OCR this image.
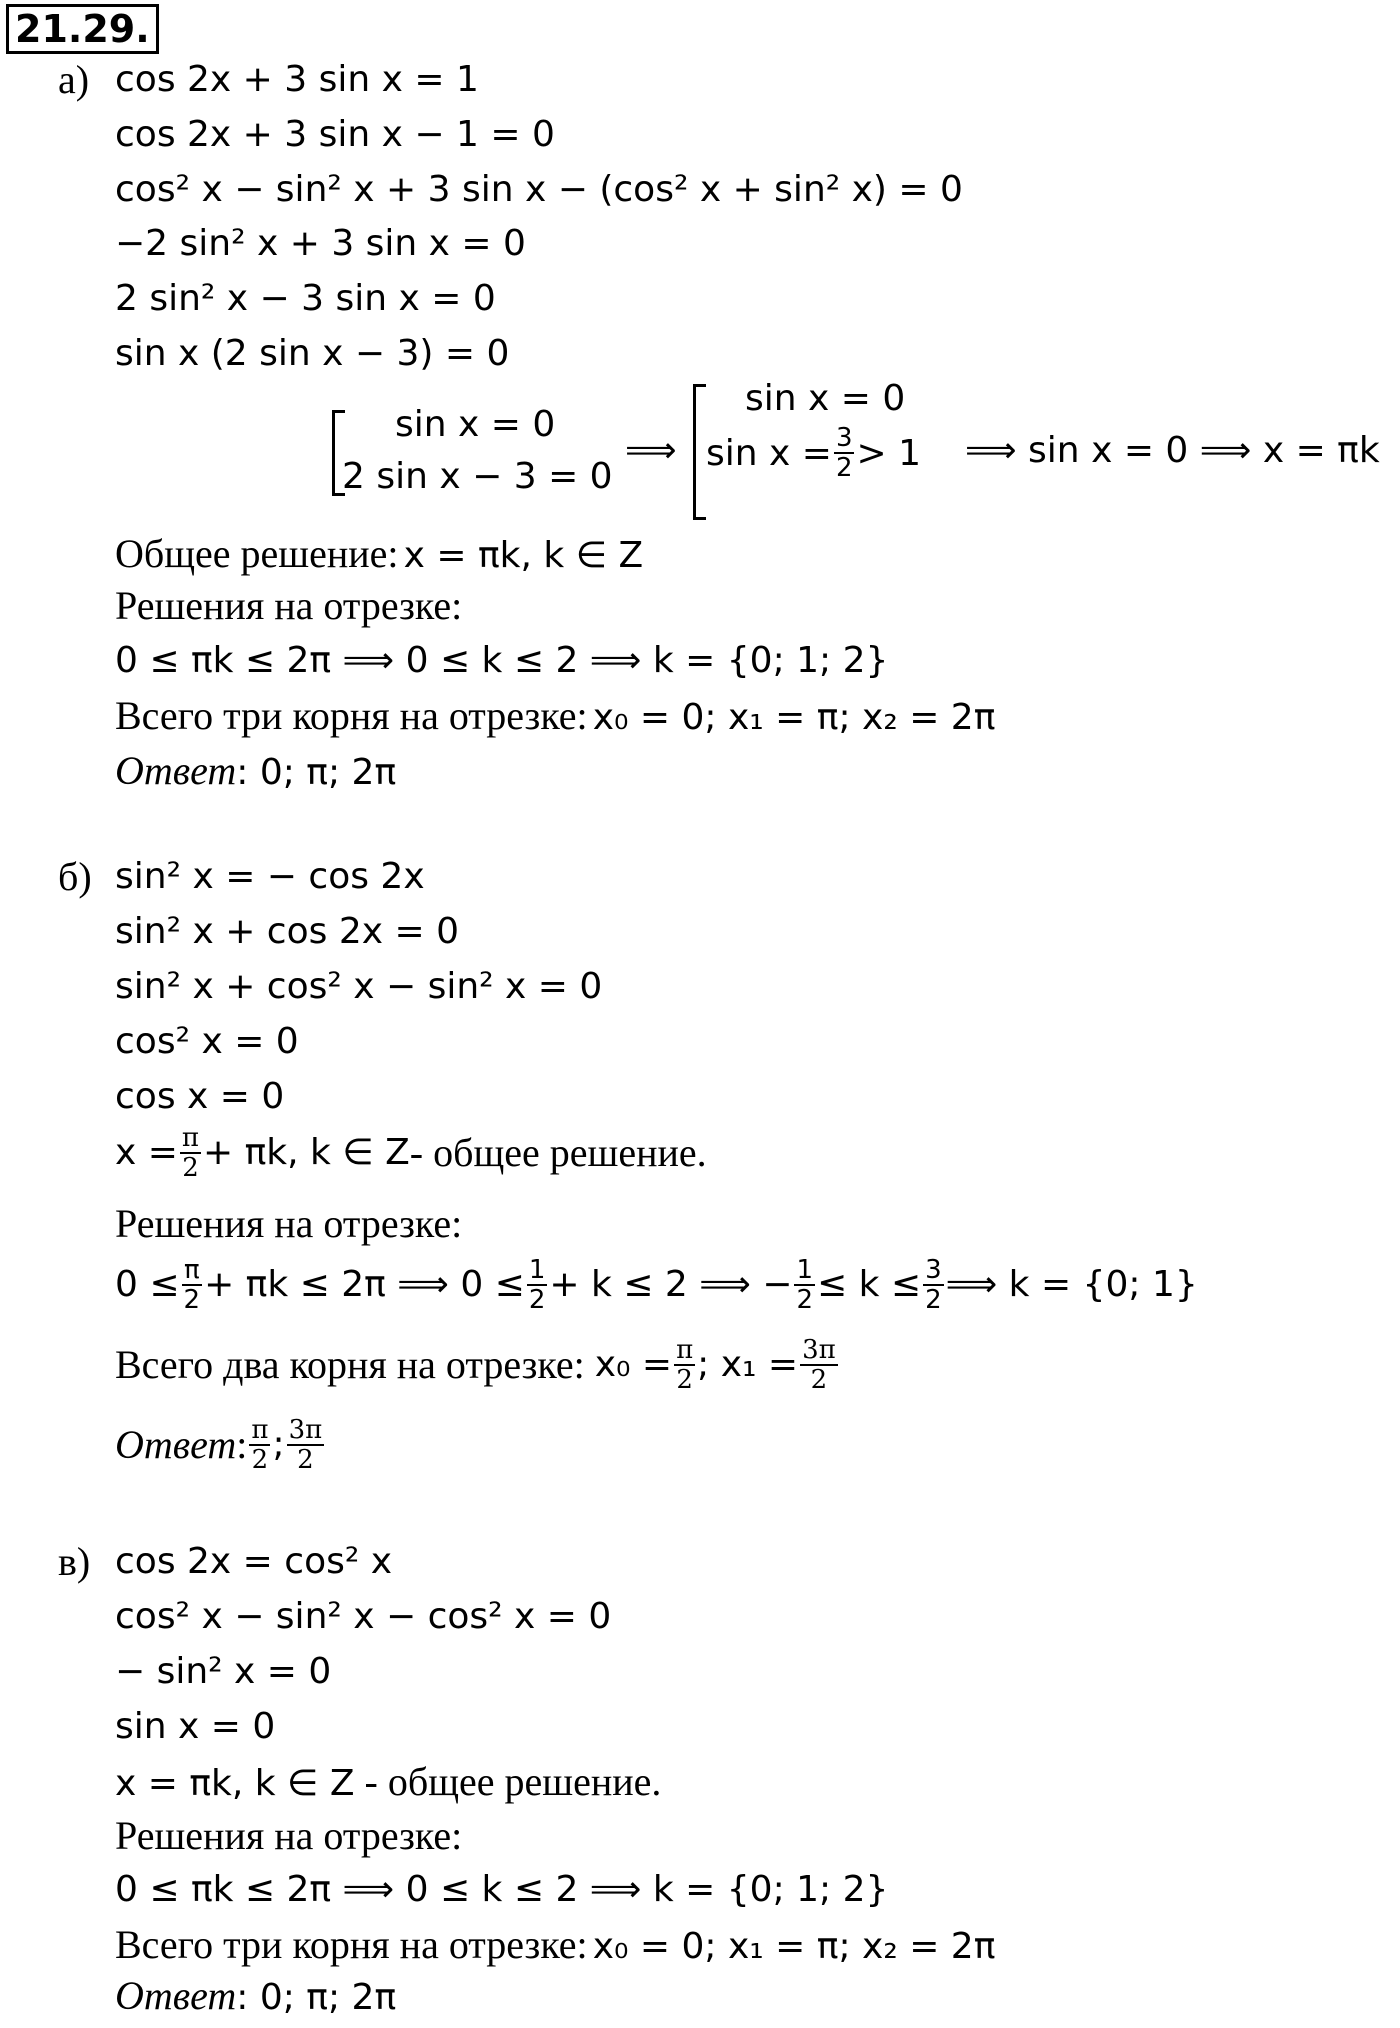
21.29.
а) cos 2x + 3 sin x = 1
cos 2x + 3 sin x − 1 = 0
cos² x − sin² x + 3 sin x − (cos² x + sin² x) = 0
−2 sin² x + 3 sin x = 0
2 sin² x − 3 sin x = 0
sin x (2 sin x − 3) = 0
sin x = 0
2 sin x − 3 = 0
⟹
sin x = 0
$\sin x = \frac{3}{2} > 1$ ⟹ sin x = 0 ⟹ x = πk
Общее решение: x = πk, k ∈ Z
Решения на отрезке:
0 ≤ πk ≤ 2π ⟹ 0 ≤ k ≤ 2 ⟹ k = {0; 1; 2}
Всего три корня на отрезке: x₀ = 0; x₁ = π; x₂ = 2π
Ответ: 0; π; 2π
б) sin² x = − cos 2x
sin² x + cos 2x = 0
sin² x + cos² x − sin² x = 0
cos² x = 0
cos x = 0
$x = \frac{\pi}{2} + \pi k$, k ∈ Z - общее решение.
Решения на отрезке:
$0 \le \frac{\pi}{2} + \pi k \le 2\pi$ ⟹ $0 \le \frac{1}{2} + k \le 2$ ⟹ − $\frac{1}{2} \le k \le \frac{3}{2}$ ⟹ k = {0; 1}
Всего два корня на отрезке: $x_0 = \frac{\pi}{2}$ ; $x_1 = \frac{3\pi}{2}$
Ответ : $\frac{\pi}{2}$ ; $\frac{3\pi}{2}$
в) cos 2x = cos² x
cos² x − sin² x − cos² x = 0
− sin² x = 0
sin x = 0
x = πk, k ∈ Z - общее решение.
Решения на отрезке:
0 ≤ πk ≤ 2π ⟹ 0 ≤ k ≤ 2 ⟹ k = {0; 1; 2}
Всего три корня на отрезке: x₀ = 0; x₁ = π; x₂ = 2π
Ответ: 0; π; 2π
